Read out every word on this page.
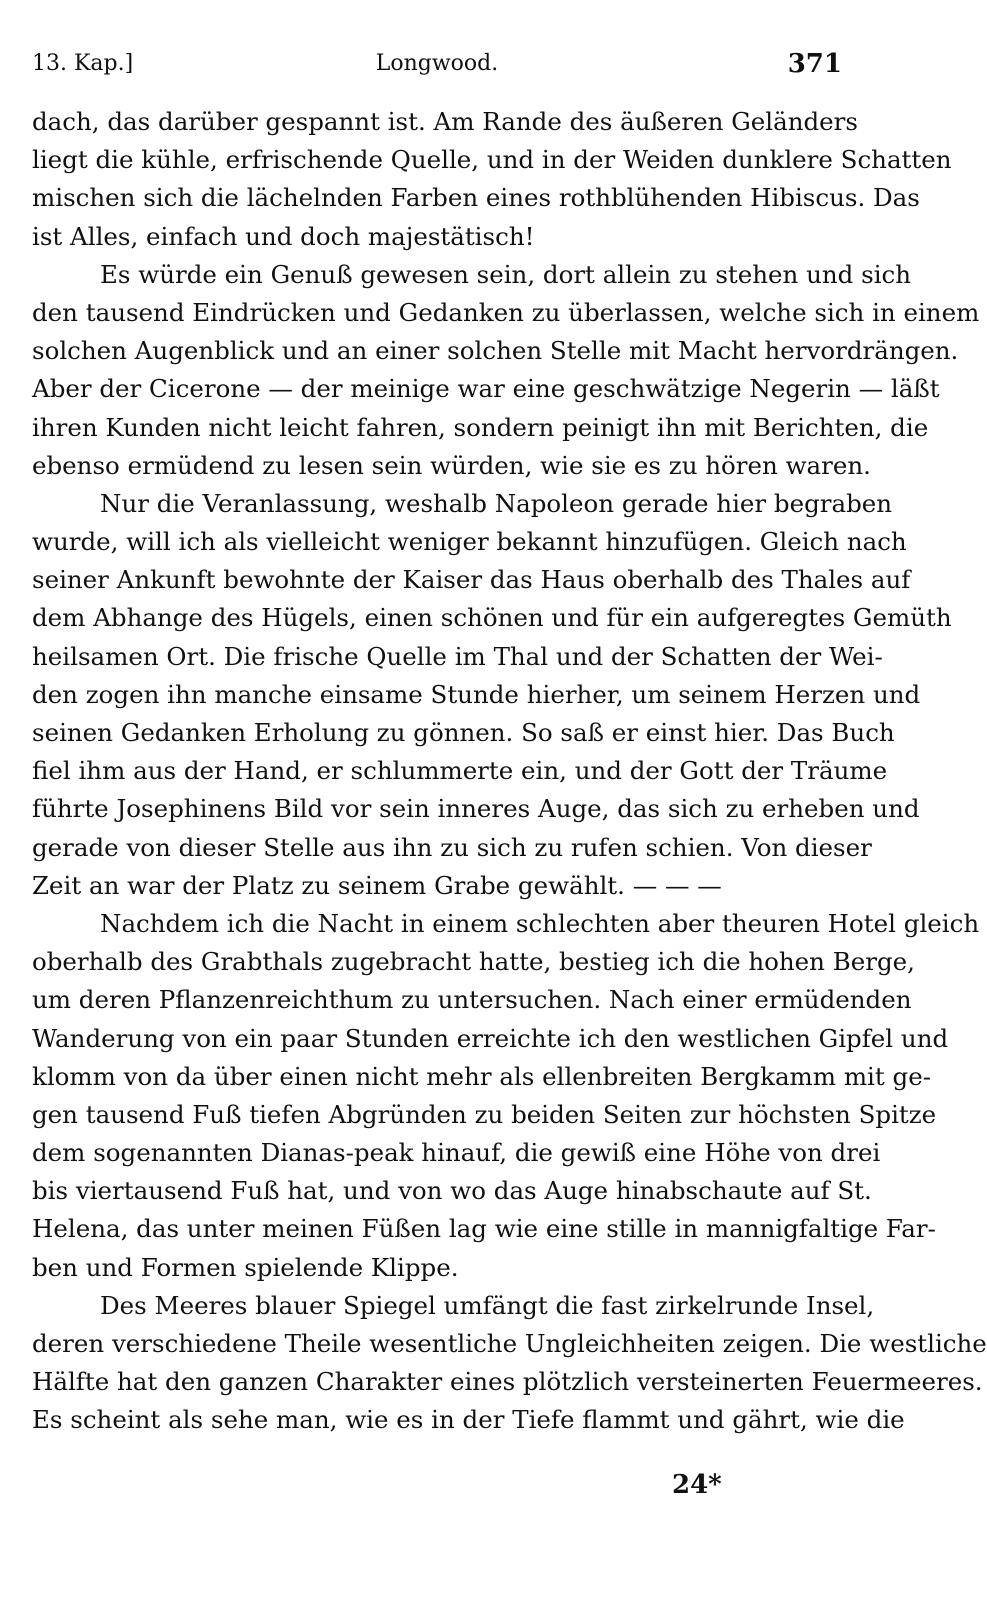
13. Kap.]	Longwood.	371
dach, das darüber gespannt ist. Am Rande des äußeren Geländers
liegt die kühle, erfrischende Quelle, und in der Weiden dunklere Schatten
mischen sich die lächelnden Farben eines rothblühenden Hibiscus. Das
ist Alles, einfach und doch majestätisch!
Es würde ein Genuß gewesen sein, dort allein zu stehen und sich
den tausend Eindrücken und Gedanken zu überlassen, welche sich in einem
solchen Augenblick und an einer solchen Stelle mit Macht hervordrängen.
Aber der Cicerone — der meinige war eine geschwätzige Negerin — läßt
ihren Kunden nicht leicht fahren, sondern peinigt ihn mit Berichten, die
ebenso ermüdend zu lesen sein würden, wie sie es zu hören waren.
Nur die Veranlassung, weshalb Napoleon gerade hier begraben
wurde, will ich als vielleicht weniger bekannt hinzufügen. Gleich nach
seiner Ankunft bewohnte der Kaiser das Haus oberhalb des Thales auf
dem Abhange des Hügels, einen schönen und für ein aufgeregtes Gemüth
heilsamen Ort. Die frische Quelle im Thal und der Schatten der Wei-
den zogen ihn manche einsame Stunde hierher, um seinem Herzen und
seinen Gedanken Erholung zu gönnen. So saß er einst hier. Das Buch
fiel ihm aus der Hand, er schlummerte ein, und der Gott der Träume
führte Josephinens Bild vor sein inneres Auge, das sich zu erheben und
gerade von dieser Stelle aus ihn zu sich zu rufen schien. Von dieser
Zeit an war der Platz zu seinem Grabe gewählt. — — —
Nachdem ich die Nacht in einem schlechten aber theuren Hotel gleich
oberhalb des Grabthals zugebracht hatte, bestieg ich die hohen Berge,
um deren Pflanzenreichthum zu untersuchen. Nach einer ermüdenden
Wanderung von ein paar Stunden erreichte ich den westlichen Gipfel und
klomm von da über einen nicht mehr als ellenbreiten Bergkamm mit ge-
gen tausend Fuß tiefen Abgründen zu beiden Seiten zur höchsten Spitze
dem sogenannten Dianas-peak hinauf, die gewiß eine Höhe von drei
bis viertausend Fuß hat, und von wo das Auge hinabschaute auf St.
Helena, das unter meinen Füßen lag wie eine stille in mannigfaltige Far-
ben und Formen spielende Klippe.
Des Meeres blauer Spiegel umfängt die fast zirkelrunde Insel,
deren verschiedene Theile wesentliche Ungleichheiten zeigen. Die westliche
Hälfte hat den ganzen Charakter eines plötzlich versteinerten Feuermeeres.
Es scheint als sehe man, wie es in der Tiefe flammt und gährt, wie die
24*
